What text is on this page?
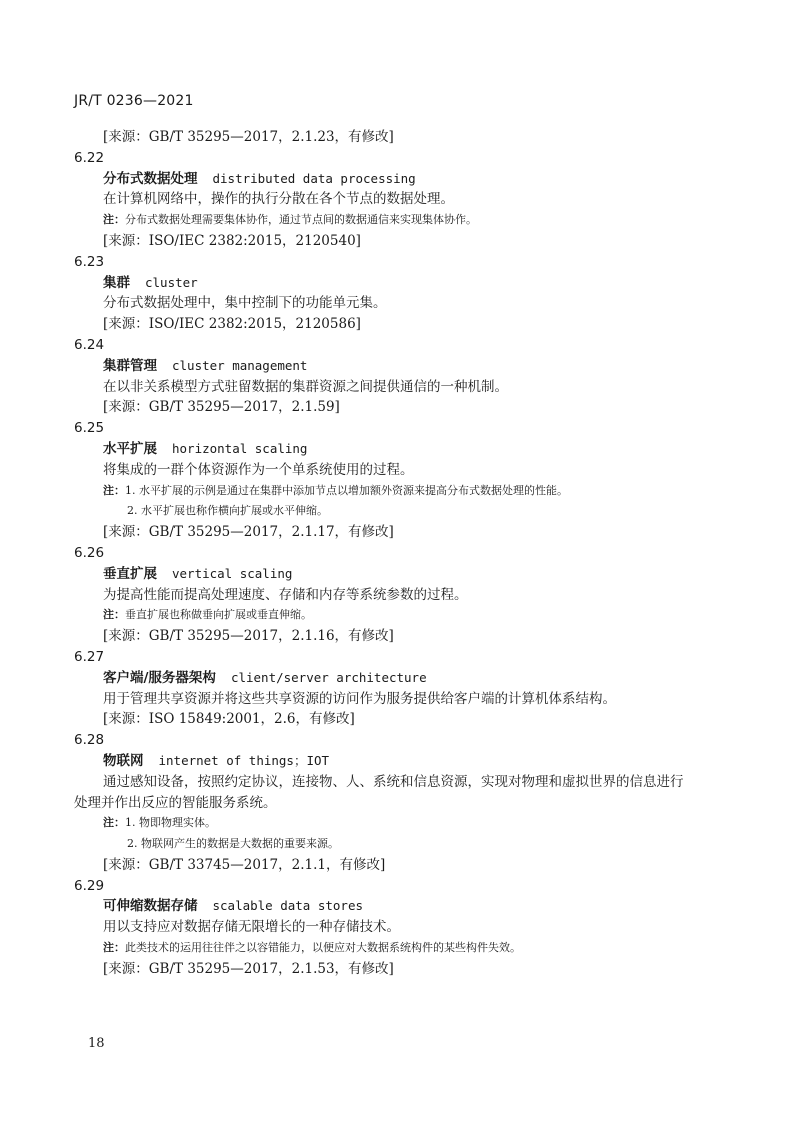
JR/T 0236—2021
[来源：GB/T 35295—2017，2.1.23，有修改]
6.22
分布式数据处理 distributed data processing
在计算机网络中，操作的执行分散在各个节点的数据处理。
注：分布式数据处理需要集体协作，通过节点间的数据通信来实现集体协作。
[来源：ISO/IEC 2382:2015，2120540]
6.23
集群 cluster
分布式数据处理中，集中控制下的功能单元集。
[来源：ISO/IEC 2382:2015，2120586]
6.24
集群管理 cluster management
在以非关系模型方式驻留数据的集群资源之间提供通信的一种机制。
[来源：GB/T 35295—2017，2.1.59]
6.25
水平扩展 horizontal scaling
将集成的一群个体资源作为一个单系统使用的过程。
注：1. 水平扩展的示例是通过在集群中添加节点以增加额外资源来提高分布式数据处理的性能。
2. 水平扩展也称作横向扩展或水平伸缩。
[来源：GB/T 35295—2017，2.1.17，有修改]
6.26
垂直扩展 vertical scaling
为提高性能而提高处理速度、存储和内存等系统参数的过程。
注：垂直扩展也称做垂向扩展或垂直伸缩。
[来源：GB/T 35295—2017，2.1.16，有修改]
6.27
客户端/服务器架构 client/server architecture
用于管理共享资源并将这些共享资源的访问作为服务提供给客户端的计算机体系结构。
[来源：ISO 15849:2001，2.6，有修改]
6.28
物联网 internet of things；IOT
通过感知设备，按照约定协议，连接物、人、系统和信息资源，实现对物理和虚拟世界的信息进行
处理并作出反应的智能服务系统。
注：1. 物即物理实体。
2. 物联网产生的数据是大数据的重要来源。
[来源：GB/T 33745—2017，2.1.1，有修改]
6.29
可伸缩数据存储 scalable data stores
用以支持应对数据存储无限增长的一种存储技术。
注：此类技术的运用往往伴之以容错能力，以便应对大数据系统构件的某些构件失效。
[来源：GB/T 35295—2017，2.1.53，有修改]
18
